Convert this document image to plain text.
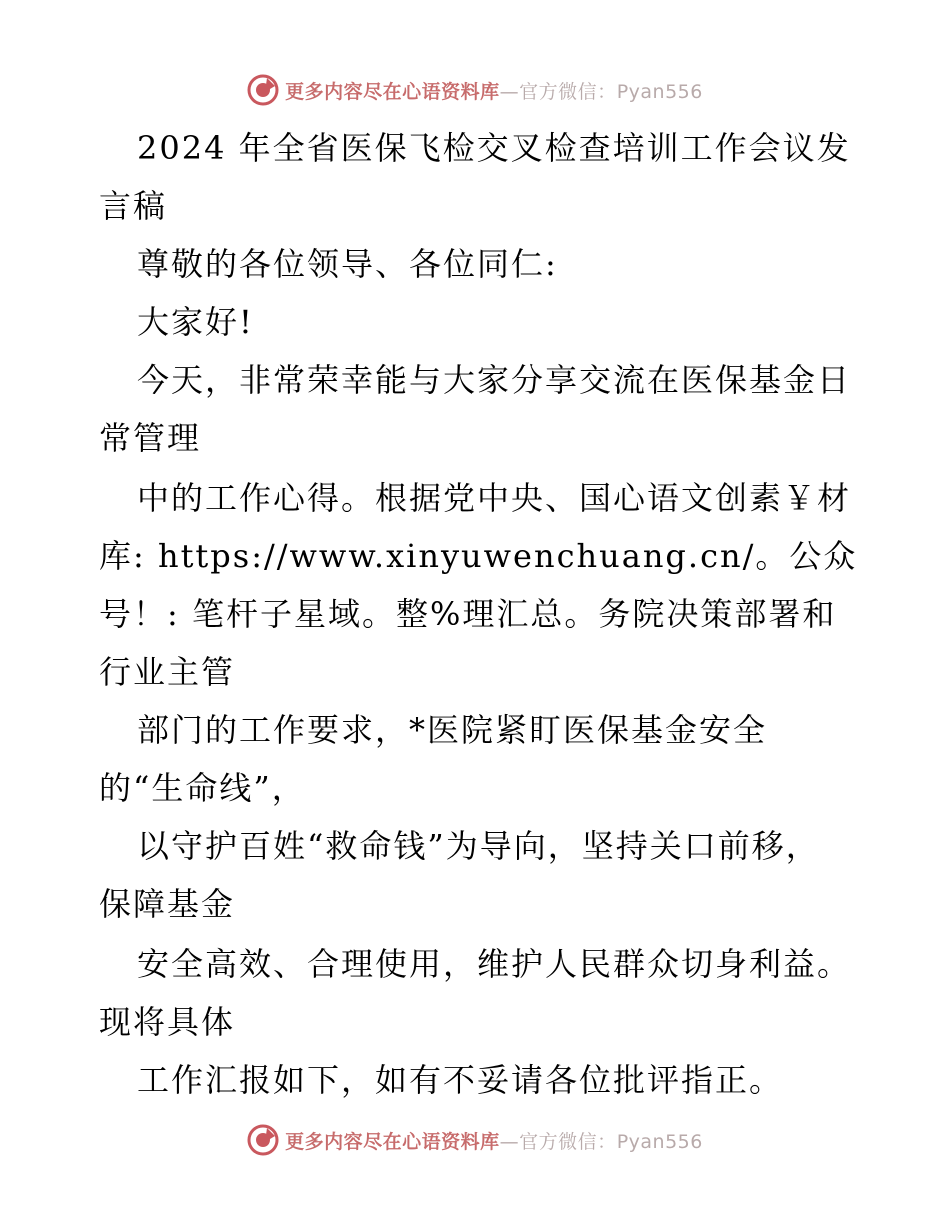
更多内容尽在心语资料库—官方微信：Pyan556
2024 年全省医保飞检交叉检查培训工作会议发
言稿
尊敬的各位领导、各位同仁:
大家好!
今天，非常荣幸能与大家分享交流在医保基金日
常管理
中的工作心得。根据党中央、国心语文创素￥材
库: https://www.xinyuwenchuang.cn/。公众
号！: 笔杆子星域。整%理汇总。务院决策部署和
行业主管
部门的工作要求，*医院紧盯医保基金安全
的“生命线”，
以守护百姓“救命钱”为导向，坚持关口前移，
保障基金
安全高效、合理使用，维护人民群众切身利益。
现将具体
工作汇报如下，如有不妥请各位批评指正。
更多内容尽在心语资料库—官方微信：Pyan556
